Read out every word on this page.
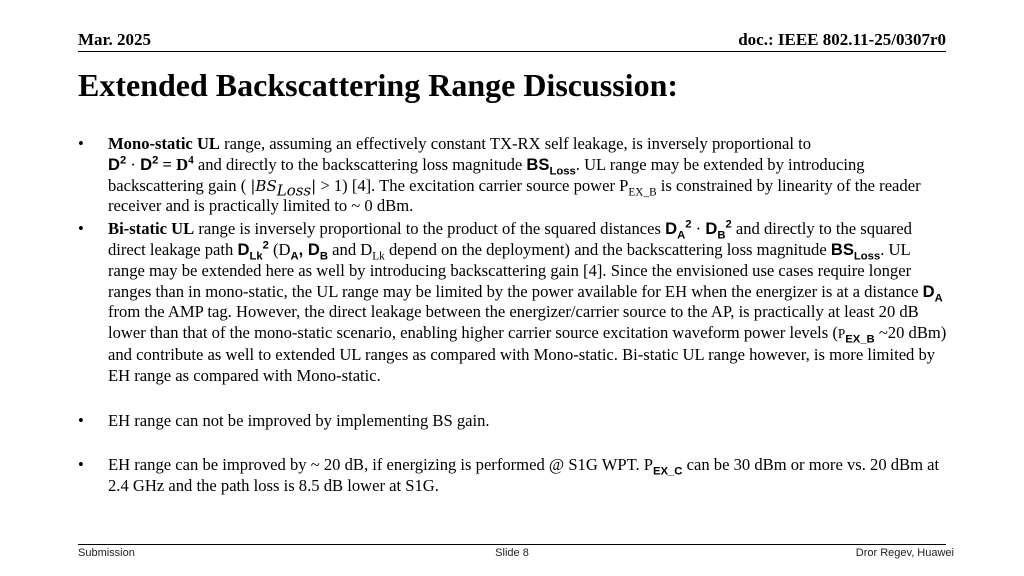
Mar. 2025	doc.: IEEE 802.11-25/0307r0
Extended Backscattering Range Discussion:

• Mono-static UL range, assuming an effectively constant TX-RX self leakage, is inversely proportional to
$D^2 \cdot D^2 = D^4$ and directly to the backscattering loss magnitude $BS_{Loss}$. UL range may be extended by introducing backscattering gain ( $|BS_{Loss}| > 1$) [4]. The excitation carrier source power $P_{EX\_B}$ is constrained by linearity of the reader receiver and is practically limited to ~ 0 dBm.

• Bi-static UL range is inversely proportional to the product of the squared distances $D_A^2 \cdot D_B^2$ and directly to the squared direct leakage path $D_{Lk}^2$ ($D_A$, $D_B$ and $D_{Lk}$ depend on the deployment) and the backscattering loss magnitude $BS_{Loss}$. UL range may be extended here as well by introducing backscattering gain [4]. Since the envisioned use cases require longer ranges than in mono-static, the UL range may be limited by the power available for EH when the energizer is at a distance $D_A$ from the AMP tag. However, the direct leakage between the energizer/carrier source to the AP, is practically at least 20 dB lower than that of the mono-static scenario, enabling higher carrier source excitation waveform power levels ($P_{EX\_B}$ ~20 dBm) and contribute as well to extended UL ranges as compared with Mono-static. Bi-static UL range however, is more limited by EH range as compared with Mono-static.

• EH range can not be improved by implementing BS gain.

• EH range can be improved by ~ 20 dB, if energizing is performed @ S1G WPT. $P_{EX\_C}$ can be 30 dBm or more vs. 20 dBm at 2.4 GHz and the path loss is 8.5 dB lower at S1G.

Submission	Slide 8	Dror Regev, Huawei
